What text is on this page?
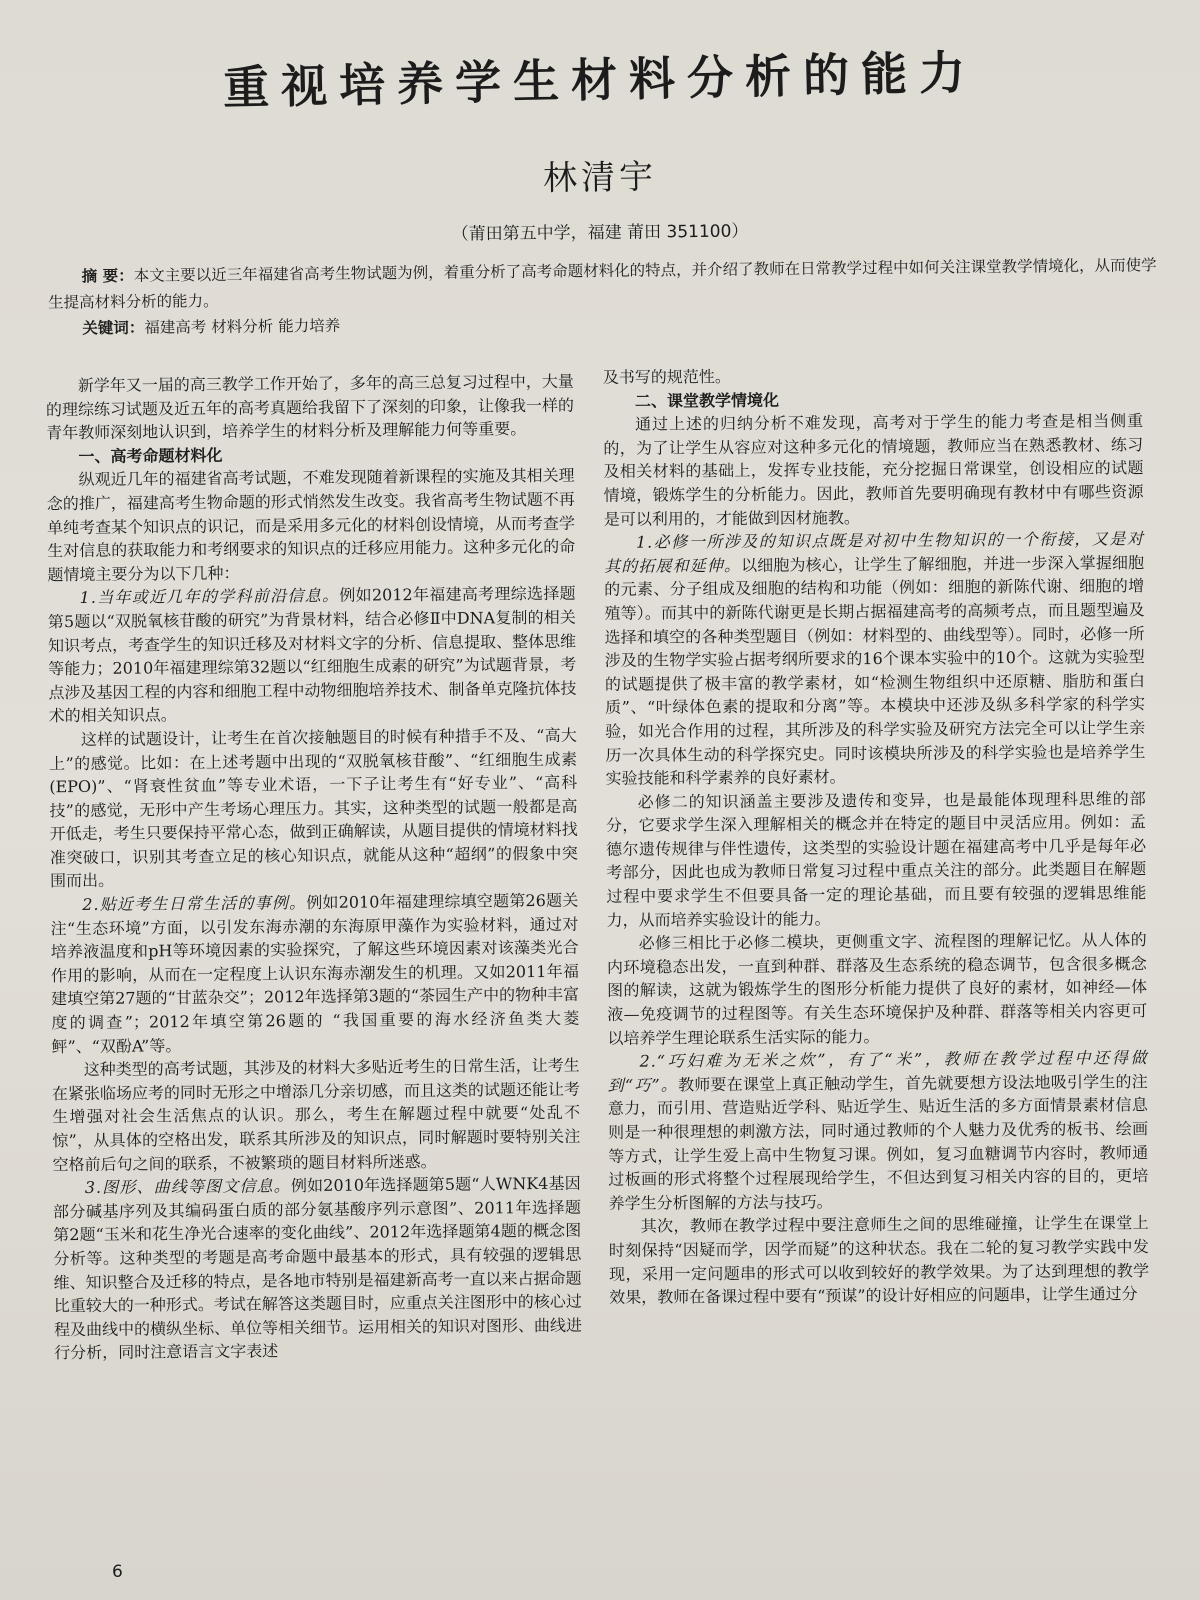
重视培养学生材料分析的能力
林清宇
（莆田第五中学，福建 莆田 351100）

摘 要：本文主要以近三年福建省高考生物试题为例，着重分析了高考命题材料化的特点，并介绍了教师在日常教学过程中如何关注课堂教学情境化，从而使学生提高材料分析的能力。

关键词：福建高考 材料分析 能力培养

新学年又一届的高三教学工作开始了，多年的高三总复习过程中，大量的理综练习试题及近五年的高考真题给我留下了深刻的印象，让像我一样的青年教师深刻地认识到，培养学生的材料分析及理解能力何等重要。

一、高考命题材料化

纵观近几年的福建省高考试题，不难发现随着新课程的实施及其相关理念的推广，福建高考生物命题的形式悄然发生改变。我省高考生物试题不再单纯考查某个知识点的识记，而是采用多元化的材料创设情境，从而考查学生对信息的获取能力和考纲要求的知识点的迁移应用能力。这种多元化的命题情境主要分为以下几种：

1.当年或近几年的学科前沿信息。例如2012年福建高考理综选择题第5题以“双脱氧核苷酸的研究”为背景材料，结合必修Ⅱ中DNA复制的相关知识考点，考查学生的知识迁移及对材料文字的分析、信息提取、整体思维等能力；2010年福建理综第32题以“红细胞生成素的研究”为试题背景，考点涉及基因工程的内容和细胞工程中动物细胞培养技术、制备单克隆抗体技术的相关知识点。

这样的试题设计，让考生在首次接触题目的时候有种措手不及、“高大上”的感觉。比如：在上述考题中出现的“双脱氧核苷酸”、“红细胞生成素(EPO)”、“肾衰性贫血”等专业术语，一下子让考生有“好专业”、“高科技”的感觉，无形中产生考场心理压力。其实，这种类型的试题一般都是高开低走，考生只要保持平常心态，做到正确解读，从题目提供的情境材料找准突破口，识别其考查立足的核心知识点，就能从这种“超纲”的假象中突围而出。

2.贴近考生日常生活的事例。例如2010年福建理综填空题第26题关注“生态环境”方面，以引发东海赤潮的东海原甲藻作为实验材料，通过对培养液温度和pH等环境因素的实验探究，了解这些环境因素对该藻类光合作用的影响，从而在一定程度上认识东海赤潮发生的机理。又如2011年福建填空第27题的“甘蓝杂交”；2012年选择第3题的“茶园生产中的物种丰富度的调查”；2012年填空第26题的 “我国重要的海水经济鱼类大菱鲆”、“双酚A”等。

这种类型的高考试题，其涉及的材料大多贴近考生的日常生活，让考生在紧张临场应考的同时无形之中增添几分亲切感，而且这类的试题还能让考生增强对社会生活焦点的认识。那么，考生在解题过程中就要“处乱不惊”，从具体的空格出发，联系其所涉及的知识点，同时解题时要特别关注空格前后句之间的联系，不被繁琐的题目材料所迷惑。

3.图形、曲线等图文信息。例如2010年选择题第5题“人WNK4基因部分碱基序列及其编码蛋白质的部分氨基酸序列示意图”、2011年选择题第2题“玉米和花生净光合速率的变化曲线”、2012年选择题第4题的概念图分析等。这种类型的考题是高考命题中最基本的形式，具有较强的逻辑思维、知识整合及迁移的特点，是各地市特别是福建新高考一直以来占据命题比重较大的一种形式。考试在解答这类题目时，应重点关注图形中的核心过程及曲线中的横纵坐标、单位等相关细节。运用相关的知识对图形、曲线进行分析，同时注意语言文字表述

及书写的规范性。

二、课堂教学情境化

通过上述的归纳分析不难发现，高考对于学生的能力考查是相当侧重的，为了让学生从容应对这种多元化的情境题，教师应当在熟悉教材、练习及相关材料的基础上，发挥专业技能，充分挖掘日常课堂，创设相应的试题情境，锻炼学生的分析能力。因此，教师首先要明确现有教材中有哪些资源是可以利用的，才能做到因材施教。

1.必修一所涉及的知识点既是对初中生物知识的一个衔接，又是对其的拓展和延伸。以细胞为核心，让学生了解细胞，并进一步深入掌握细胞的元素、分子组成及细胞的结构和功能（例如：细胞的新陈代谢、细胞的增殖等）。而其中的新陈代谢更是长期占据福建高考的高频考点，而且题型遍及选择和填空的各种类型题目（例如：材料型的、曲线型等）。同时，必修一所涉及的生物学实验占据考纲所要求的16个课本实验中的10个。这就为实验型的试题提供了极丰富的教学素材，如“检测生物组织中还原糖、脂肪和蛋白质”、“叶绿体色素的提取和分离”等。本模块中还涉及纵多科学家的科学实验，如光合作用的过程，其所涉及的科学实验及研究方法完全可以让学生亲历一次具体生动的科学探究史。同时该模块所涉及的科学实验也是培养学生实验技能和科学素养的良好素材。

必修二的知识涵盖主要涉及遗传和变异，也是最能体现理科思维的部分，它要求学生深入理解相关的概念并在特定的题目中灵活应用。例如：孟德尔遗传规律与伴性遗传，这类型的实验设计题在福建高考中几乎是每年必考部分，因此也成为教师日常复习过程中重点关注的部分。此类题目在解题过程中要求学生不但要具备一定的理论基础，而且要有较强的逻辑思维能力，从而培养实验设计的能力。

必修三相比于必修二模块，更侧重文字、流程图的理解记忆。从人体的内环境稳态出发，一直到种群、群落及生态系统的稳态调节，包含很多概念图的解读，这就为锻炼学生的图形分析能力提供了良好的素材，如神经—体液—免疫调节的过程图等。有关生态环境保护及种群、群落等相关内容更可以培养学生理论联系生活实际的能力。

2.“巧妇难为无米之炊”，有了“米”，教师在教学过程中还得做到“巧”。教师要在课堂上真正触动学生，首先就要想方设法地吸引学生的注意力，而引用、营造贴近学科、贴近学生、贴近生活的多方面情景素材信息则是一种很理想的刺激方法，同时通过教师的个人魅力及优秀的板书、绘画等方式，让学生爱上高中生物复习课。例如，复习血糖调节内容时，教师通过板画的形式将整个过程展现给学生，不但达到复习相关内容的目的，更培养学生分析图解的方法与技巧。

其次，教师在教学过程中要注意师生之间的思维碰撞，让学生在课堂上时刻保持“因疑而学，因学而疑”的这种状态。我在二轮的复习教学实践中发现，采用一定问题串的形式可以收到较好的教学效果。为了达到理想的教学效果，教师在备课过程中要有“预谋”的设计好相应的问题串，让学生通过分

6
